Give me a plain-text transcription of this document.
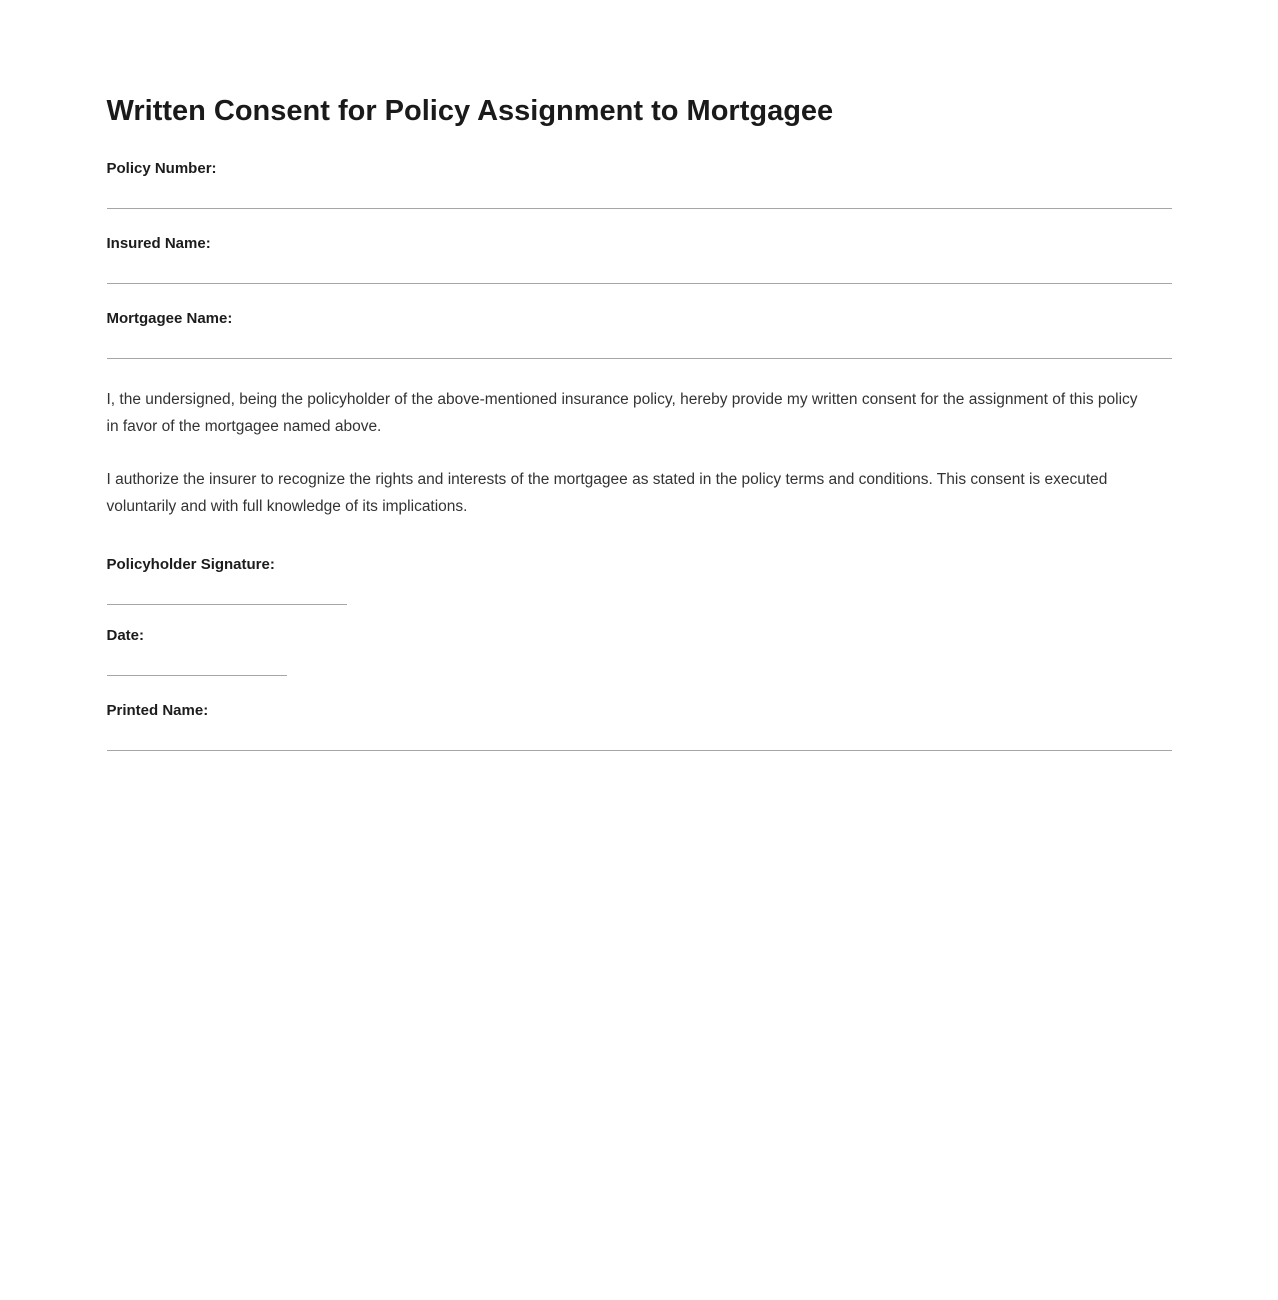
Written Consent for Policy Assignment to Mortgagee
Policy Number:
Insured Name:
Mortgagee Name:

I, the undersigned, being the policyholder of the above-mentioned insurance policy, hereby provide my written consent for the assignment of this policy in favor of the mortgagee named above.

I authorize the insurer to recognize the rights and interests of the mortgagee as stated in the policy terms and conditions. This consent is executed voluntarily and with full knowledge of its implications.

Policyholder Signature:
Date:
Printed Name:
